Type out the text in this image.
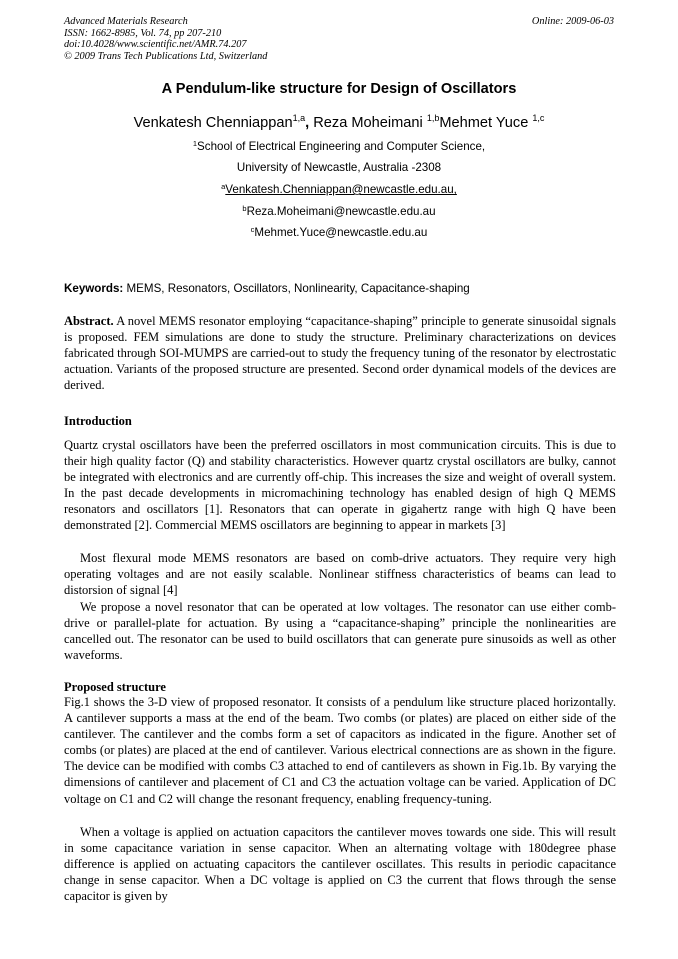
Advanced Materials Research
ISSN: 1662-8985, Vol. 74, pp 207-210
doi:10.4028/www.scientific.net/AMR.74.207
© 2009 Trans Tech Publications Ltd, Switzerland
Online: 2009-06-03
A Pendulum-like structure for Design of Oscillators
Venkatesh Chenniappan$^{1,a}$, Reza Moheimani $^{1,b}$Mehmet Yuce $^{1,c}$
$^1$School of Electrical Engineering and Computer Science,
University of Newcastle, Australia -2308
$^a$Venkatesh.Chenniappan@newcastle.edu.au,
$^b$Reza.Moheimani@newcastle.edu.au
$^c$Mehmet.Yuce@newcastle.edu.au
Keywords: MEMS, Resonators, Oscillators, Nonlinearity, Capacitance-shaping
Abstract. A novel MEMS resonator employing “capacitance-shaping” principle to generate sinusoidal signals is proposed. FEM simulations are done to study the structure. Preliminary characterizations on devices fabricated through SOI-MUMPS are carried-out to study the frequency tuning of the resonator by electrostatic actuation. Variants of the proposed structure are presented. Second order dynamical models of the devices are derived.
Introduction
Quartz crystal oscillators have been the preferred oscillators in most communication circuits. This is due to their high quality factor (Q) and stability characteristics. However quartz crystal oscillators are bulky, cannot be integrated with electronics and are currently off-chip. This increases the size and weight of overall system. In the past decade developments in micromachining technology has enabled design of high Q MEMS resonators and oscillators [1]. Resonators that can operate in gigahertz range with high Q have been demonstrated [2]. Commercial MEMS oscillators are beginning to appear in markets [3]
Most flexural mode MEMS resonators are based on comb-drive actuators. They require very high operating voltages and are not easily scalable. Nonlinear stiffness characteristics of beams can lead to distorsion of signal [4]
We propose a novel resonator that can be operated at low voltages. The resonator can use either comb-drive or parallel-plate for actuation. By using a “capacitance-shaping” principle the nonlinearities are cancelled out. The resonator can be used to build oscillators that can generate pure sinusoids as well as other waveforms.
Proposed structure
Fig.1 shows the 3-D view of proposed resonator. It consists of a pendulum like structure placed horizontally. A cantilever supports a mass at the end of the beam. Two combs (or plates) are placed on either side of the cantilever. The cantilever and the combs form a set of capacitors as indicated in the figure. Another set of combs (or plates) are placed at the end of cantilever. Various electrical connections are as shown in the figure. The device can be modified with combs C3 attached to end of cantilevers as shown in Fig.1b. By varying the dimensions of cantilever and placement of C1 and C3 the actuation voltage can be varied. Application of DC voltage on C1 and C2 will change the resonant frequency, enabling frequency-tuning.
When a voltage is applied on actuation capacitors the cantilever moves towards one side. This will result in some capacitance variation in sense capacitor. When an alternating voltage with 180degree phase difference is applied on actuating capacitors the cantilever oscillates. This results in periodic capacitance change in sense capacitor. When a DC voltage is applied on C3 the current that flows through the sense capacitor is given by
